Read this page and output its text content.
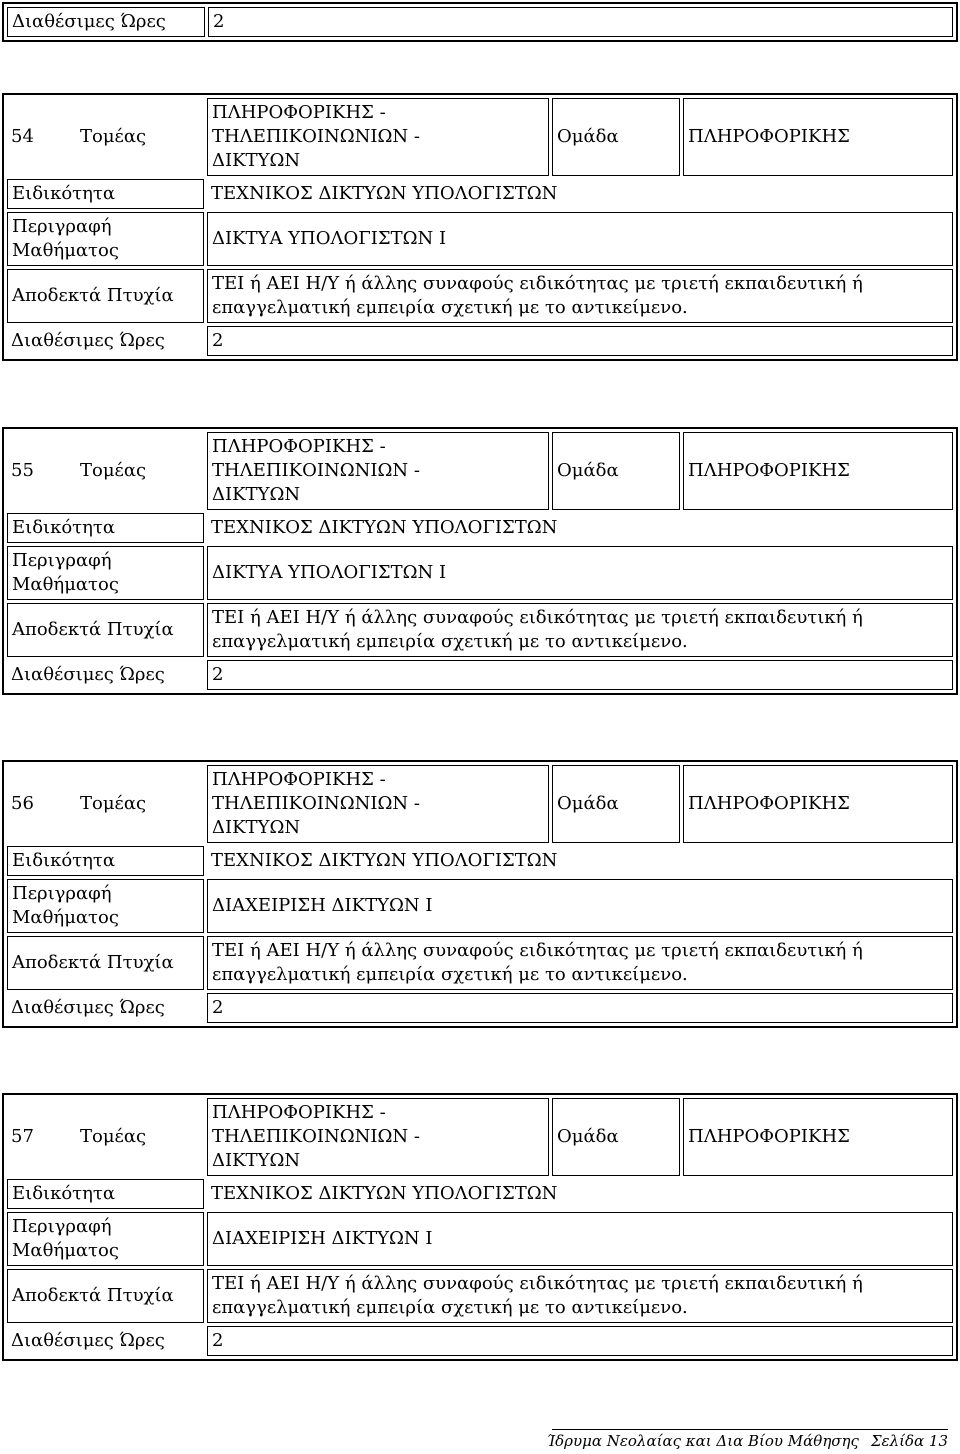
Διαθέσιμες Ώρες	2
54	Τομέας	ΠΛΗΡΟΦΟΡΙΚΗΣ - ΤΗΛΕΠΙΚΟΙΝΩΝΙΩΝ - ΔΙΚΤΥΩΝ	Ομάδα	ΠΛΗΡΟΦΟΡΙΚΗΣ
Ειδικότητα		ΤΕΧΝΙΚΟΣ ΔΙΚΤΥΩΝ ΥΠΟΛΟΓΙΣΤΩΝ		
Περιγραφή Μαθήματος		ΔΙΚΤΥΑ ΥΠΟΛΟΓΙΣΤΩΝ Ι		
Αποδεκτά Πτυχία		ΤΕΙ ή ΑΕΙ Η/Υ ή άλλης συναφούς ειδικότητας με τριετή εκπαιδευτική ή επαγγελματική εμπειρία σχετική με το αντικείμενο.		
Διαθέσιμες Ώρες		2		
55	Τομέας	ΠΛΗΡΟΦΟΡΙΚΗΣ - ΤΗΛΕΠΙΚΟΙΝΩΝΙΩΝ - ΔΙΚΤΥΩΝ	Ομάδα	ΠΛΗΡΟΦΟΡΙΚΗΣ
Ειδικότητα		ΤΕΧΝΙΚΟΣ ΔΙΚΤΥΩΝ ΥΠΟΛΟΓΙΣΤΩΝ		
Περιγραφή Μαθήματος		ΔΙΚΤΥΑ ΥΠΟΛΟΓΙΣΤΩΝ Ι		
Αποδεκτά Πτυχία		ΤΕΙ ή ΑΕΙ Η/Υ ή άλλης συναφούς ειδικότητας με τριετή εκπαιδευτική ή επαγγελματική εμπειρία σχετική με το αντικείμενο.		
Διαθέσιμες Ώρες		2		
56	Τομέας	ΠΛΗΡΟΦΟΡΙΚΗΣ - ΤΗΛΕΠΙΚΟΙΝΩΝΙΩΝ - ΔΙΚΤΥΩΝ	Ομάδα	ΠΛΗΡΟΦΟΡΙΚΗΣ
Ειδικότητα		ΤΕΧΝΙΚΟΣ ΔΙΚΤΥΩΝ ΥΠΟΛΟΓΙΣΤΩΝ		
Περιγραφή Μαθήματος		ΔΙΑΧΕΙΡΙΣΗ ΔΙΚΤΥΩΝ Ι		
Αποδεκτά Πτυχία		ΤΕΙ ή ΑΕΙ Η/Υ ή άλλης συναφούς ειδικότητας με τριετή εκπαιδευτική ή επαγγελματική εμπειρία σχετική με το αντικείμενο.		
Διαθέσιμες Ώρες		2		
57	Τομέας	ΠΛΗΡΟΦΟΡΙΚΗΣ - ΤΗΛΕΠΙΚΟΙΝΩΝΙΩΝ - ΔΙΚΤΥΩΝ	Ομάδα	ΠΛΗΡΟΦΟΡΙΚΗΣ
Ειδικότητα		ΤΕΧΝΙΚΟΣ ΔΙΚΤΥΩΝ ΥΠΟΛΟΓΙΣΤΩΝ		
Περιγραφή Μαθήματος		ΔΙΑΧΕΙΡΙΣΗ ΔΙΚΤΥΩΝ Ι		
Αποδεκτά Πτυχία		ΤΕΙ ή ΑΕΙ Η/Υ ή άλλης συναφούς ειδικότητας με τριετή εκπαιδευτική ή επαγγελματική εμπειρία σχετική με το αντικείμενο.		
Διαθέσιμες Ώρες		2		
Ίδρυμα Νεολαίας και Δια Βίου Μάθησης Σελίδα 13
